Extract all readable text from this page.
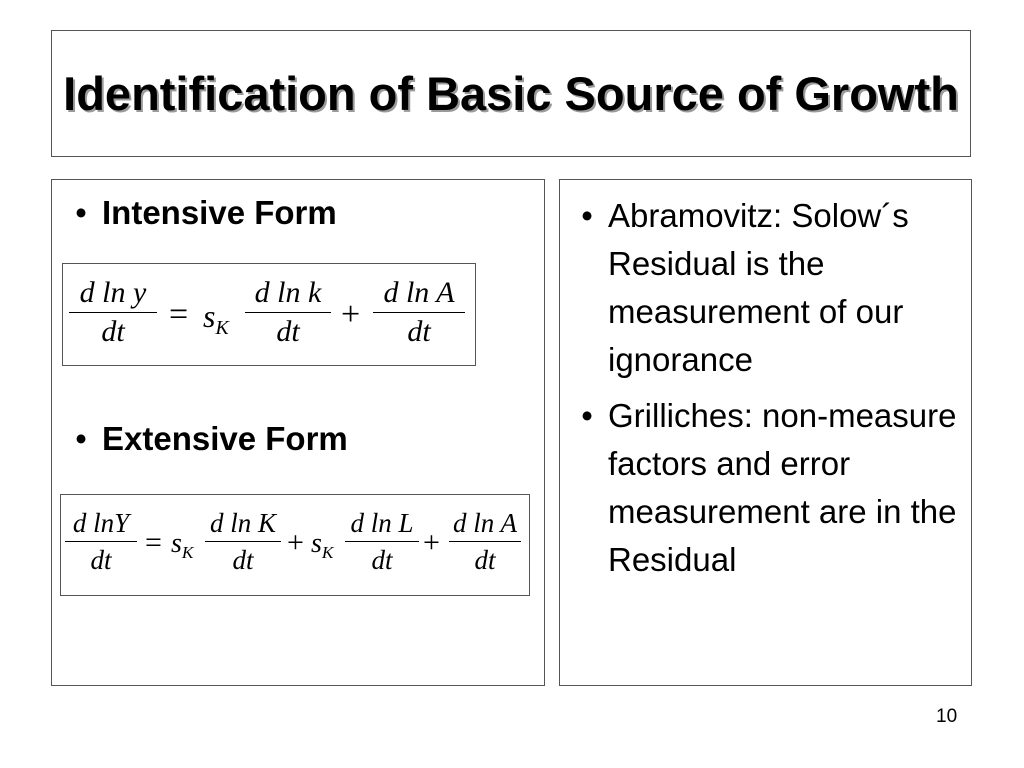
Identification of Basic Source of Growth
• Intensive Form
d ln y
dt	= $s_K$
d ln k
dt	+
d ln A
dt
• Extensive Form
d lnY
dt
= $s_K$
d ln K
dt
+ $s_K$
d ln L
dt
+
d ln A
dt
• Abramovitz: Solow´s Residual is the measurement of our ignorance
• Grilliches: non-measure factors and error measurement are in the Residual
10
